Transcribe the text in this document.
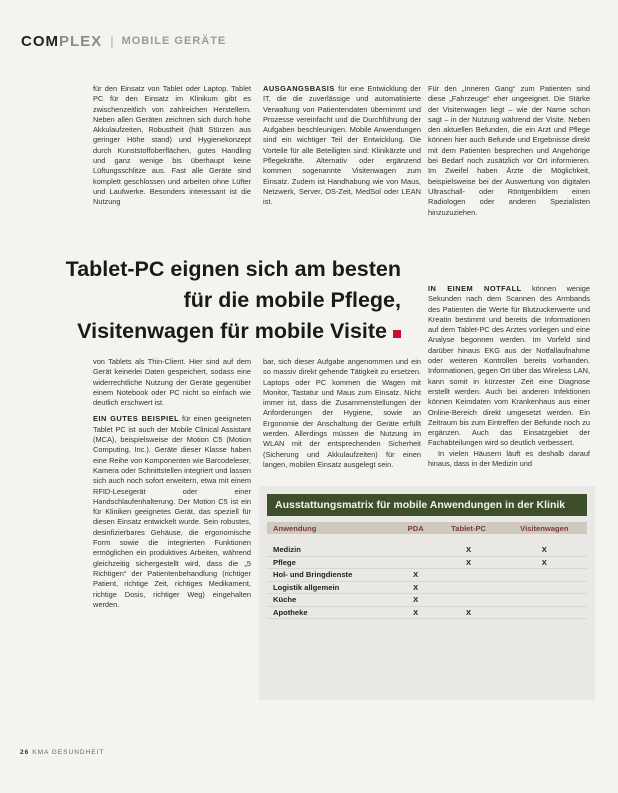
COMPLEX | MOBILE GERÄTE

für den Einsatz von Tablet oder Laptop. Tablet PC für den Einsatz im Klinikum gibt es zwischenzeitlich von zahlreichen Herstellern. Neben allen Geräten zeichnen sich durch hohe Akkulaufzeiten, Robustheit (hält Stürzen aus geringer Höhe stand) und Hygienekonzept durch Kunststoffoberflächen, gutes Handling und ganz wenige bis überhaupt keine Lüftungsschlitze aus. Fast alle Geräte sind komplett geschlossen und arbeiten ohne Lüfter und Laufwerke. Besonders interessant ist die Nutzung

AUSGANGSBASIS für eine Entwicklung der IT, die die zuverlässige und automatisierte Verwaltung von Patientendaten übernimmt und Prozesse vereinfacht und die Durchführung der Aufgaben beschleunigen. Mobile Anwendungen sind ein wichtiger Teil der Entwicklung. Die Vorteile für alle Beteiligten sind: Klinikärzte und Pflegekräfte. Alternativ oder ergänzend kommen sogenannte Visitenwagen zum Einsatz. Zudem ist Handhabung wie von Maus, Netzwerk, Server, OS-Zeit, MedSol oder LEAN ist.

Für den „Inneren Gang“ zum Patienten sind diese „Fahrzeuge“ eher ungeeignet. Die Stärke der Visitenwagen liegt – wie der Name schon sagt – in der Nutzung während der Visite. Neben den aktuellen Befunden, die ein Arzt und Pflege können hier auch Befunde und Ergebnisse direkt mit dem Patienten besprechen und Angehörige bei Bedarf noch zusätzlich vor Ort informieren. Im Zweifel haben Ärzte die Möglichkeit, beispielsweise bei der Auswertung von digitalen Ultraschall- oder Röntgenbildern einen Radiologen oder anderen Spezialisten hinzuzuziehen.

Tablet-PC eignen sich am besten
für die mobile Pflege,
Visitenwagen für mobile Visite

IN EINEM NOTFALL können wenige Sekunden nach dem Scannen des Armbands des Patienten die Werte für Blutzuckerwerte und Kreatin bestimmt und bereits die Informationen auf dem Tablet-PC des Arztes vorliegen und eine Analyse begonnen werden. Im Vorfeld sind darüber hinaus EKG aus der Notfallaufnahme oder weiteren Kontrollen bereits vorhanden. Informationen, gegen Ort über das Wireless LAN, kann somit in kürzester Zeit eine Diagnose erstellt werden. Auch bei anderen Infektionen können Keimdaten vom Krankenhaus aus einer Online-Bereich direkt umgesetzt werden. Ein Zeitraum bis zum Eintreffen der Befunde noch zu ergänzen. Auch das Einsatzgebiet der Fachabteilungen wird so deutlich verbessert.

In vielen Häusern läuft es deshalb darauf hinaus, dass in der Medizin und

von Tablets als Thin-Client. Hier sind auf dem Gerät keinerlei Daten gespeichert, sodass eine widerrechtliche Nutzung der Geräte gegenüber einem Notebook oder PC nicht so einfach wie deutlich erschwert ist.

EIN GUTES BEISPIEL für einen geeigneten Tablet PC ist auch der Mobile Clinical Assistant (MCA), beispielsweise der Motion C5 (Motion Computing, Inc.). Geräte dieser Klasse haben eine Reihe von Komponenten wie Barcodeleser, Kamera oder Schnittstellen integriert und lassen sich auch noch sofort erweitern, etwa mit einem RFID-Lesegerät oder einer Handschlaufenhalterung. Der Motion C5 ist ein für Kliniken geeignetes Gerät, das speziell für diesen Einsatz entwickelt wurde. Sein robustes, desinfizierbares Gehäuse, die ergonomische Form sowie die integrierten Funktionen ermöglichen ein produktives Arbeiten, während gleichzeitig sichergestellt wird, dass die „5 Richtigen“ der Patientenbehandlung (richtiger Patient, richtige Zeit, richtiges Medikament, richtige Dosis, richtiger Weg) eingehalten werden.

bar, sich dieser Aufgabe angenommen und ein so massiv direkt gehende Tätigkeit zu ersetzen. Laptops oder PC kommen die Wagen mit Monitor, Tastatur und Maus zum Einsatz. Nicht immer ist, dass die Zusammenstellungen der Anforderungen der Hygiene, sowie an Ergonomie der Anschaltung der Geräte erfüllt werden. Allerdings müssen die Nutzung im WLAN mit der entsprechenden Sicherheit (Sicherung und Akkulaufzeiten) für einen langen, mobilen Einsatz ausgelegt sein.

Ausstattungsmatrix für mobile Anwendungen in der Klinik
Anwendung	PDA	Tablet-PC	Visitenwagen

Medizin		X	X
Pflege		X	X
Hol- und Bringdienste	X		
Logistik allgemein	X		
Küche	X		
Apotheke	X	X	
26 KMA GESUNDHEIT
